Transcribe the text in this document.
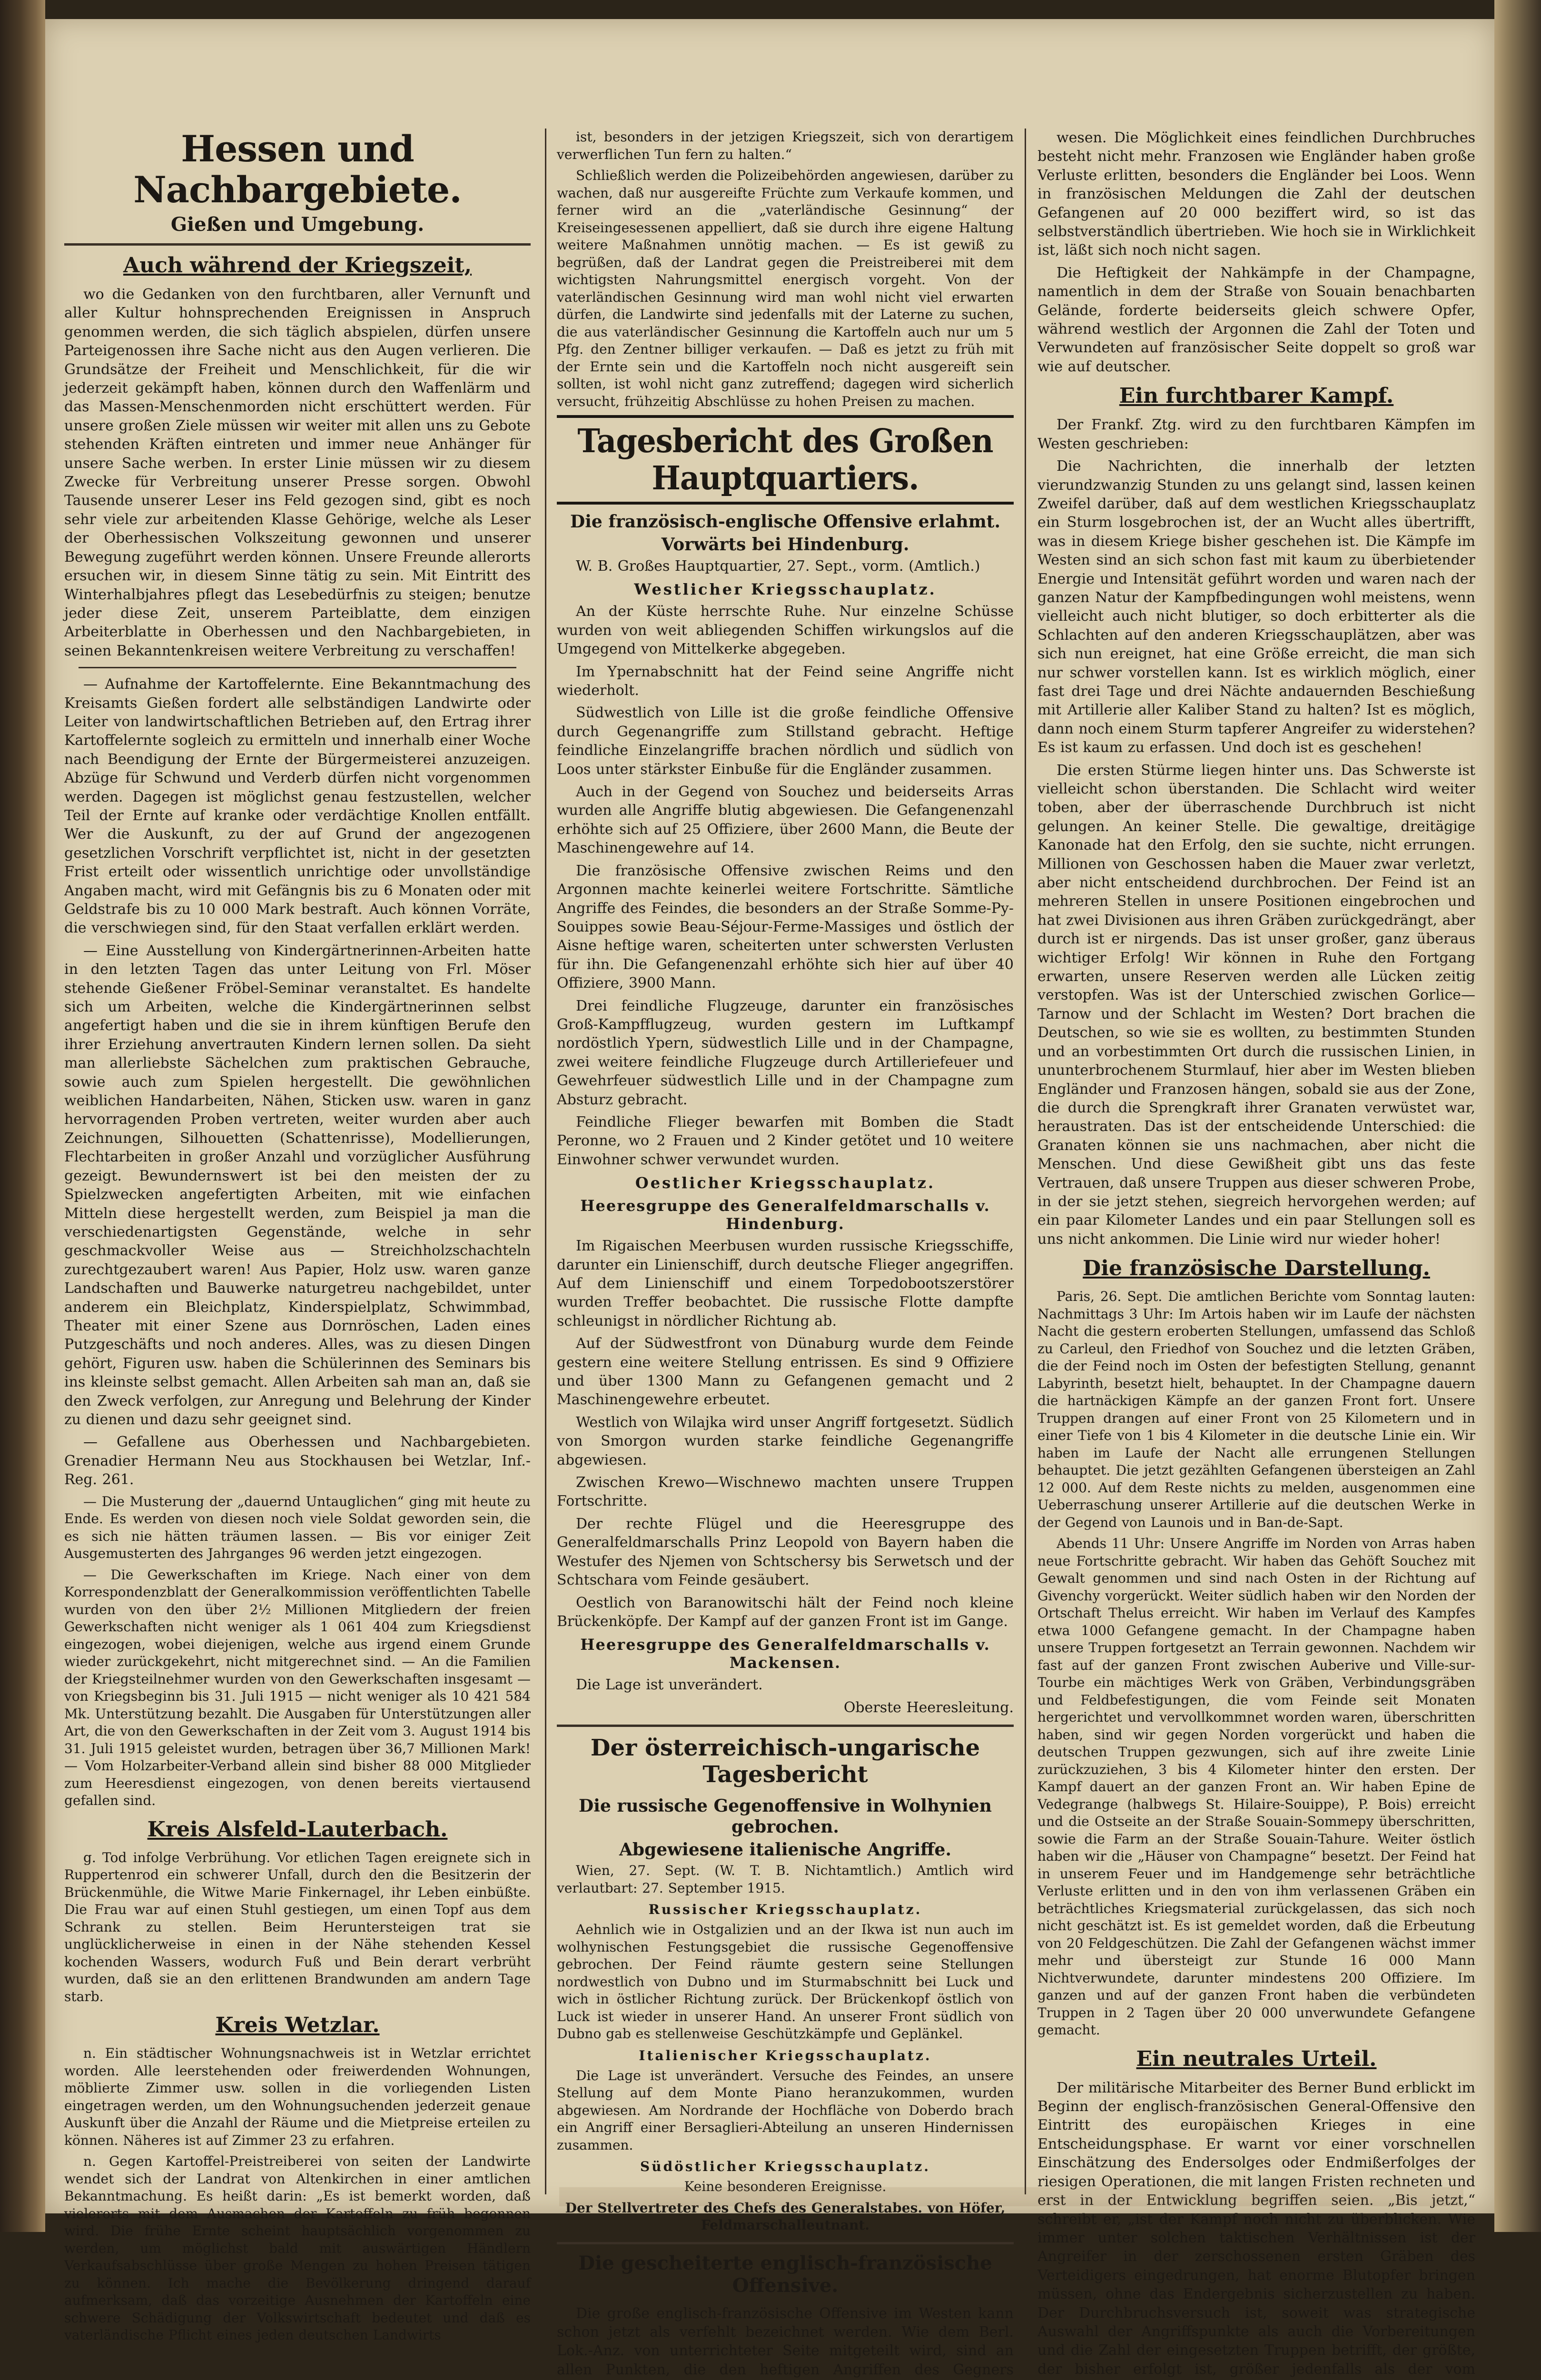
Hessen und Nachbargebiete.
Gießen und Umgebung.
Auch während der Kriegszeit,

wo die Gedanken von den furchtbaren, aller Vernunft und aller Kultur hohnsprechenden Ereignissen in Anspruch genommen werden, die sich täglich abspielen, dürfen unsere Parteigenossen ihre Sache nicht aus den Augen verlieren. Die Grundsätze der Freiheit und Menschlichkeit, für die wir jederzeit gekämpft haben, können durch den Waffenlärm und das Massen-Menschenmorden nicht erschüttert werden. Für unsere großen Ziele müssen wir weiter mit allen uns zu Gebote stehenden Kräften eintreten und immer neue Anhänger für unsere Sache werben. In erster Linie müssen wir zu diesem Zwecke für Verbreitung unserer Presse sorgen. Obwohl Tausende unserer Leser ins Feld gezogen sind, gibt es noch sehr viele zur arbeitenden Klasse Gehörige, welche als Leser der Oberhessischen Volkszeitung gewonnen und unserer Bewegung zugeführt werden können. Unsere Freunde allerorts ersuchen wir, in diesem Sinne tätig zu sein. Mit Eintritt des Winterhalbjahres pflegt das Lesebedürfnis zu steigen; benutze jeder diese Zeit, unserem Parteiblatte, dem einzigen Arbeiterblatte in Oberhessen und den Nachbargebieten, in seinen Bekanntenkreisen weitere Verbreitung zu verschaffen!

— Aufnahme der Kartoffelernte. Eine Bekanntmachung des Kreisamts Gießen fordert alle selbständigen Landwirte oder Leiter von landwirtschaftlichen Betrieben auf, den Ertrag ihrer Kartoffelernte sogleich zu ermitteln und innerhalb einer Woche nach Beendigung der Ernte der Bürgermeisterei anzuzeigen. Abzüge für Schwund und Verderb dürfen nicht vorgenommen werden. Dagegen ist möglichst genau festzustellen, welcher Teil der Ernte auf kranke oder verdächtige Knollen entfällt. Wer die Auskunft, zu der auf Grund der angezogenen gesetzlichen Vorschrift verpflichtet ist, nicht in der gesetzten Frist erteilt oder wissentlich unrichtige oder unvollständige Angaben macht, wird mit Gefängnis bis zu 6 Monaten oder mit Geldstrafe bis zu 10 000 Mark bestraft. Auch können Vorräte, die verschwiegen sind, für den Staat verfallen erklärt werden.

— Eine Ausstellung von Kindergärtnerinnen-Arbeiten hatte in den letzten Tagen das unter Leitung von Frl. Möser stehende Gießener Fröbel-Seminar veranstaltet. Es handelte sich um Arbeiten, welche die Kindergärtnerinnen selbst angefertigt haben und die sie in ihrem künftigen Berufe den ihrer Erziehung anvertrauten Kindern lernen sollen. Da sieht man allerliebste Sächelchen zum praktischen Gebrauche, sowie auch zum Spielen hergestellt. Die gewöhnlichen weiblichen Handarbeiten, Nähen, Sticken usw. waren in ganz hervorragenden Proben vertreten, weiter wurden aber auch Zeichnungen, Silhouetten (Schattenrisse), Modellierungen, Flechtarbeiten in großer Anzahl und vorzüglicher Ausführung gezeigt. Bewundernswert ist bei den meisten der zu Spielzwecken angefertigten Arbeiten, mit wie einfachen Mitteln diese hergestellt werden, zum Beispiel ja man die verschiedenartigsten Gegenstände, welche in sehr geschmackvoller Weise aus — Streichholzschachteln zurechtgezaubert waren! Aus Papier, Holz usw. waren ganze Landschaften und Bauwerke naturgetreu nachgebildet, unter anderem ein Bleichplatz, Kinderspielplatz, Schwimmbad, Theater mit einer Szene aus Dornröschen, Laden eines Putzgeschäfts und noch anderes. Alles, was zu diesen Dingen gehört, Figuren usw. haben die Schülerinnen des Seminars bis ins kleinste selbst gemacht. Allen Arbeiten sah man an, daß sie den Zweck verfolgen, zur Anregung und Belehrung der Kinder zu dienen und dazu sehr geeignet sind.

— Gefallene aus Oberhessen und Nachbargebieten. Grenadier Hermann Neu aus Stockhausen bei Wetzlar, Inf.-Reg. 261.

— Die Musterung der „dauernd Untauglichen“ ging mit heute zu Ende. Es werden von diesen noch viele Soldat geworden sein, die es sich nie hätten träumen lassen. — Bis vor einiger Zeit Ausgemusterten des Jahrganges 96 werden jetzt eingezogen.

— Die Gewerkschaften im Kriege. Nach einer von dem Korrespondenzblatt der Generalkommission veröffentlichten Tabelle wurden von den über 2½ Millionen Mitgliedern der freien Gewerkschaften nicht weniger als 1 061 404 zum Kriegsdienst eingezogen, wobei diejenigen, welche aus irgend einem Grunde wieder zurückgekehrt, nicht mitgerechnet sind. — An die Familien der Kriegsteilnehmer wurden von den Gewerkschaften insgesamt — von Kriegsbeginn bis 31. Juli 1915 — nicht weniger als 10 421 584 Mk. Unterstützung bezahlt. Die Ausgaben für Unterstützungen aller Art, die von den Gewerkschaften in der Zeit vom 3. August 1914 bis 31. Juli 1915 geleistet wurden, betragen über 36,7 Millionen Mark! — Vom Holzarbeiter-Verband allein sind bisher 88 000 Mitglieder zum Heeresdienst eingezogen, von denen bereits viertausend gefallen sind.

Kreis Alsfeld-Lauterbach.

g. Tod infolge Verbrühung. Vor etlichen Tagen ereignete sich in Ruppertenrod ein schwerer Unfall, durch den die Besitzerin der Brückenmühle, die Witwe Marie Finkernagel, ihr Leben einbüßte. Die Frau war auf einen Stuhl gestiegen, um einen Topf aus dem Schrank zu stellen. Beim Heruntersteigen trat sie unglücklicherweise in einen in der Nähe stehenden Kessel kochenden Wassers, wodurch Fuß und Bein derart verbrüht wurden, daß sie an den erlittenen Brandwunden am andern Tage starb.

Kreis Wetzlar.

n. Ein städtischer Wohnungsnachweis ist in Wetzlar errichtet worden. Alle leerstehenden oder freiwerdenden Wohnungen, möblierte Zimmer usw. sollen in die vorliegenden Listen eingetragen werden, um den Wohnungsuchenden jederzeit genaue Auskunft über die Anzahl der Räume und die Mietpreise erteilen zu können. Näheres ist auf Zimmer 23 zu erfahren.

n. Gegen Kartoffel-Preistreiberei von seiten der Landwirte wendet sich der Landrat von Altenkirchen in einer amtlichen Bekanntmachung. Es heißt darin: „Es ist bemerkt worden, daß vielerorts mit dem Ausmachen der Kartoffeln zu früh begonnen wird. Die frühe Ernte scheint hauptsächlich vorgenommen zu werden, um möglichst bald mit auswärtigen Händlern Verkaufsabschlüsse über große Mengen zu hohen Preisen tätigen zu können. Ich mache die Bevölkerung dringend darauf aufmerksam, daß das vorzeitige Ausnehmen der Kartoffeln eine schwere Schädigung der Volkswirtschaft bedeutet und daß es vaterländische Pflicht eines jeden deutschen Landwirts

ist, besonders in der jetzigen Kriegszeit, sich von derartigem verwerflichen Tun fern zu halten.“

Schließlich werden die Polizeibehörden angewiesen, darüber zu wachen, daß nur ausgereifte Früchte zum Verkaufe kommen, und ferner wird an die „vaterländische Gesinnung“ der Kreiseingesessenen appelliert, daß sie durch ihre eigene Haltung weitere Maßnahmen unnötig machen. — Es ist gewiß zu begrüßen, daß der Landrat gegen die Preistreiberei mit dem wichtigsten Nahrungsmittel energisch vorgeht. Von der vaterländischen Gesinnung wird man wohl nicht viel erwarten dürfen, die Landwirte sind jedenfalls mit der Laterne zu suchen, die aus vaterländischer Gesinnung die Kartoffeln auch nur um 5 Pfg. den Zentner billiger verkaufen. — Daß es jetzt zu früh mit der Ernte sein und die Kartoffeln noch nicht ausgereift sein sollten, ist wohl nicht ganz zutreffend; dagegen wird sicherlich versucht, frühzeitig Abschlüsse zu hohen Preisen zu machen.

Tagesbericht des Großen Hauptquartiers.
Die französisch-englische Offensive erlahmt.
Vorwärts bei Hindenburg.

W. B. Großes Hauptquartier, 27. Sept., vorm. (Amtlich.)

Westlicher Kriegsschauplatz.

An der Küste herrschte Ruhe. Nur einzelne Schüsse wurden von weit abliegenden Schiffen wirkungslos auf die Umgegend von Mittelkerke abgegeben.

Im Ypernabschnitt hat der Feind seine Angriffe nicht wiederholt.

Südwestlich von Lille ist die große feindliche Offensive durch Gegenangriffe zum Stillstand gebracht. Heftige feindliche Einzelangriffe brachen nördlich und südlich von Loos unter stärkster Einbuße für die Engländer zusammen.

Auch in der Gegend von Souchez und beiderseits Arras wurden alle Angriffe blutig abgewiesen. Die Gefangenenzahl erhöhte sich auf 25 Offiziere, über 2600 Mann, die Beute der Maschinengewehre auf 14.

Die französische Offensive zwischen Reims und den Argonnen machte keinerlei weitere Fortschritte. Sämtliche Angriffe des Feindes, die besonders an der Straße Somme-Py-Souippes sowie Beau-Séjour-Ferme-Massiges und östlich der Aisne heftige waren, scheiterten unter schwersten Verlusten für ihn. Die Gefangenenzahl erhöhte sich hier auf über 40 Offiziere, 3900 Mann.

Drei feindliche Flugzeuge, darunter ein französisches Groß-Kampfflugzeug, wurden gestern im Luftkampf nordöstlich Ypern, südwestlich Lille und in der Champagne, zwei weitere feindliche Flugzeuge durch Artilleriefeuer und Gewehrfeuer südwestlich Lille und in der Champagne zum Absturz gebracht.

Feindliche Flieger bewarfen mit Bomben die Stadt Peronne, wo 2 Frauen und 2 Kinder getötet und 10 weitere Einwohner schwer verwundet wurden.

Oestlicher Kriegsschauplatz.
Heeresgruppe des Generalfeldmarschalls v. Hindenburg.

Im Rigaischen Meerbusen wurden russische Kriegsschiffe, darunter ein Linienschiff, durch deutsche Flieger angegriffen. Auf dem Linienschiff und einem Torpedobootszerstörer wurden Treffer beobachtet. Die russische Flotte dampfte schleunigst in nördlicher Richtung ab.

Auf der Südwestfront von Dünaburg wurde dem Feinde gestern eine weitere Stellung entrissen. Es sind 9 Offiziere und über 1300 Mann zu Gefangenen gemacht und 2 Maschinengewehre erbeutet.

Westlich von Wilajka wird unser Angriff fortgesetzt. Südlich von Smorgon wurden starke feindliche Gegenangriffe abgewiesen.

Zwischen Krewo—Wischnewo machten unsere Truppen Fortschritte.

Der rechte Flügel und die Heeresgruppe des Generalfeldmarschalls Prinz Leopold von Bayern haben die Westufer des Njemen von Schtschersy bis Serwetsch und der Schtschara vom Feinde gesäubert.

Oestlich von Baranowitschi hält der Feind noch kleine Brückenköpfe. Der Kampf auf der ganzen Front ist im Gange.

Heeresgruppe des Generalfeldmarschalls v. Mackensen.

Die Lage ist unverändert.

Oberste Heeresleitung.

Der österreichisch-ungarische Tagesbericht
Die russische Gegenoffensive in Wolhynien gebrochen.
Abgewiesene italienische Angriffe.

Wien, 27. Sept. (W. T. B. Nichtamtlich.) Amtlich wird verlautbart: 27. September 1915.

Russischer Kriegsschauplatz.

Aehnlich wie in Ostgalizien und an der Ikwa ist nun auch im wolhynischen Festungsgebiet die russische Gegenoffensive gebrochen. Der Feind räumte gestern seine Stellungen nordwestlich von Dubno und im Sturmabschnitt bei Luck und wich in östlicher Richtung zurück. Der Brückenkopf östlich von Luck ist wieder in unserer Hand. An unserer Front südlich von Dubno gab es stellenweise Geschützkämpfe und Geplänkel.

Italienischer Kriegsschauplatz.

Die Lage ist unverändert. Versuche des Feindes, an unsere Stellung auf dem Monte Piano heranzukommen, wurden abgewiesen. Am Nordrande der Hochfläche von Doberdo brach ein Angriff einer Bersaglieri-Abteilung an unseren Hindernissen zusammen.

Südöstlicher Kriegsschauplatz.

Keine besonderen Ereignisse.

Der Stellvertreter des Chefs des Generalstabes. von Höfer, Feldmarschalleutnant.

Die gescheiterte englisch-französische Offensive.

Die große englisch-französische Offensive im Westen kann schon jetzt als verfehlt bezeichnet werden. Wie dem Berl. Lok.-Anz. von unterrichteter Seite mitgeteilt wird, sind an allen Punkten, die den heftigen Angriffen des Gegners

wesen. Die Möglichkeit eines feindlichen Durchbruches besteht nicht mehr. Franzosen wie Engländer haben große Verluste erlitten, besonders die Engländer bei Loos. Wenn in französischen Meldungen die Zahl der deutschen Gefangenen auf 20 000 beziffert wird, so ist das selbstverständlich übertrieben. Wie hoch sie in Wirklichkeit ist, läßt sich noch nicht sagen.

Die Heftigkeit der Nahkämpfe in der Champagne, namentlich in dem der Straße von Souain benachbarten Gelände, forderte beiderseits gleich schwere Opfer, während westlich der Argonnen die Zahl der Toten und Verwundeten auf französischer Seite doppelt so groß war wie auf deutscher.

Ein furchtbarer Kampf.

Der Frankf. Ztg. wird zu den furchtbaren Kämpfen im Westen geschrieben:

Die Nachrichten, die innerhalb der letzten vierundzwanzig Stunden zu uns gelangt sind, lassen keinen Zweifel darüber, daß auf dem westlichen Kriegsschauplatz ein Sturm losgebrochen ist, der an Wucht alles übertrifft, was in diesem Kriege bisher geschehen ist. Die Kämpfe im Westen sind an sich schon fast mit kaum zu überbietender Energie und Intensität geführt worden und waren nach der ganzen Natur der Kampfbedingungen wohl meistens, wenn vielleicht auch nicht blutiger, so doch erbitterter als die Schlachten auf den anderen Kriegsschauplätzen, aber was sich nun ereignet, hat eine Größe erreicht, die man sich nur schwer vorstellen kann. Ist es wirklich möglich, einer fast drei Tage und drei Nächte andauernden Beschießung mit Artillerie aller Kaliber Stand zu halten? Ist es möglich, dann noch einem Sturm tapferer Angreifer zu widerstehen? Es ist kaum zu erfassen. Und doch ist es geschehen!

Die ersten Stürme liegen hinter uns. Das Schwerste ist vielleicht schon überstanden. Die Schlacht wird weiter toben, aber der überraschende Durchbruch ist nicht gelungen. An keiner Stelle. Die gewaltige, dreitägige Kanonade hat den Erfolg, den sie suchte, nicht errungen. Millionen von Geschossen haben die Mauer zwar verletzt, aber nicht entscheidend durchbrochen. Der Feind ist an mehreren Stellen in unsere Positionen eingebrochen und hat zwei Divisionen aus ihren Gräben zurückgedrängt, aber durch ist er nirgends. Das ist unser großer, ganz überaus wichtiger Erfolg! Wir können in Ruhe den Fortgang erwarten, unsere Reserven werden alle Lücken zeitig verstopfen. Was ist der Unterschied zwischen Gorlice—Tarnow und der Schlacht im Westen? Dort brachen die Deutschen, so wie sie es wollten, zu bestimmten Stunden und an vorbestimmten Ort durch die russischen Linien, in ununterbrochenem Sturmlauf, hier aber im Westen blieben Engländer und Franzosen hängen, sobald sie aus der Zone, die durch die Sprengkraft ihrer Granaten verwüstet war, heraustraten. Das ist der entscheidende Unterschied: die Granaten können sie uns nachmachen, aber nicht die Menschen. Und diese Gewißheit gibt uns das feste Vertrauen, daß unsere Truppen aus dieser schweren Probe, in der sie jetzt stehen, siegreich hervorgehen werden; auf ein paar Kilometer Landes und ein paar Stellungen soll es uns nicht ankommen. Die Linie wird nur wieder hoher!

Die französische Darstellung.

Paris, 26. Sept. Die amtlichen Berichte vom Sonntag lauten: Nachmittags 3 Uhr: Im Artois haben wir im Laufe der nächsten Nacht die gestern eroberten Stellungen, umfassend das Schloß zu Carleul, den Friedhof von Souchez und die letzten Gräben, die der Feind noch im Osten der befestigten Stellung, genannt Labyrinth, besetzt hielt, behauptet. In der Champagne dauern die hartnäckigen Kämpfe an der ganzen Front fort. Unsere Truppen drangen auf einer Front von 25 Kilometern und in einer Tiefe von 1 bis 4 Kilometer in die deutsche Linie ein. Wir haben im Laufe der Nacht alle errungenen Stellungen behauptet. Die jetzt gezählten Gefangenen übersteigen an Zahl 12 000. Auf dem Reste nichts zu melden, ausgenommen eine Ueberraschung unserer Artillerie auf die deutschen Werke in der Gegend von Launois und in Ban-de-Sapt.

Abends 11 Uhr: Unsere Angriffe im Norden von Arras haben neue Fortschritte gebracht. Wir haben das Gehöft Souchez mit Gewalt genommen und sind nach Osten in der Richtung auf Givenchy vorgerückt. Weiter südlich haben wir den Norden der Ortschaft Thelus erreicht. Wir haben im Verlauf des Kampfes etwa 1000 Gefangene gemacht. In der Champagne haben unsere Truppen fortgesetzt an Terrain gewonnen. Nachdem wir fast auf der ganzen Front zwischen Auberive und Ville-sur-Tourbe ein mächtiges Werk von Gräben, Verbindungsgräben und Feldbefestigungen, die vom Feinde seit Monaten hergerichtet und vervollkommnet worden waren, überschritten haben, sind wir gegen Norden vorgerückt und haben die deutschen Truppen gezwungen, sich auf ihre zweite Linie zurückzuziehen, 3 bis 4 Kilometer hinter den ersten. Der Kampf dauert an der ganzen Front an. Wir haben Epine de Vedegrange (halbwegs St. Hilaire-Souippe), P. Bois) erreicht und die Ostseite an der Straße Souain-Sommepy überschritten, sowie die Farm an der Straße Souain-Tahure. Weiter östlich haben wir die „Häuser von Champagne“ besetzt. Der Feind hat in unserem Feuer und im Handgemenge sehr beträchtliche Verluste erlitten und in den von ihm verlassenen Gräben ein beträchtliches Kriegsmaterial zurückgelassen, das sich noch nicht geschätzt ist. Es ist gemeldet worden, daß die Erbeutung von 20 Feldgeschützen. Die Zahl der Gefangenen wächst immer mehr und übersteigt zur Stunde 16 000 Mann Nichtverwundete, darunter mindestens 200 Offiziere. Im ganzen und auf der ganzen Front haben die verbündeten Truppen in 2 Tagen über 20 000 unverwundete Gefangene gemacht.

Ein neutrales Urteil.

Der militärische Mitarbeiter des Berner Bund erblickt im Beginn der englisch-französischen General-Offensive den Eintritt des europäischen Krieges in eine Entscheidungsphase. Er warnt vor einer vorschnellen Einschätzung des Endersolges oder Endmißerfolges der riesigen Operationen, die mit langen Fristen rechneten und erst in der Entwicklung begriffen seien. „Bis jetzt,“ schreibt er, „ist der Kampf noch nicht zu überblicken. Wie immer unter solchen taktischen Verhältnissen ist der Angreifer in der zerschossenen ersten Gräben des Verteidigers eingedrungen, hat enorme Blutopfer bringen müssen, ohne das Endergebnis sicherzustellen zu haben. Der Durchbruchsversuch ist, soweit was strategische Auswahl der Angriffspunkte als auch die Vorbereitungen und die Zahl der eingesetzten Truppen betrifft, der größte, der bisher erfolgt ist, größer jedenfalls als der vom
